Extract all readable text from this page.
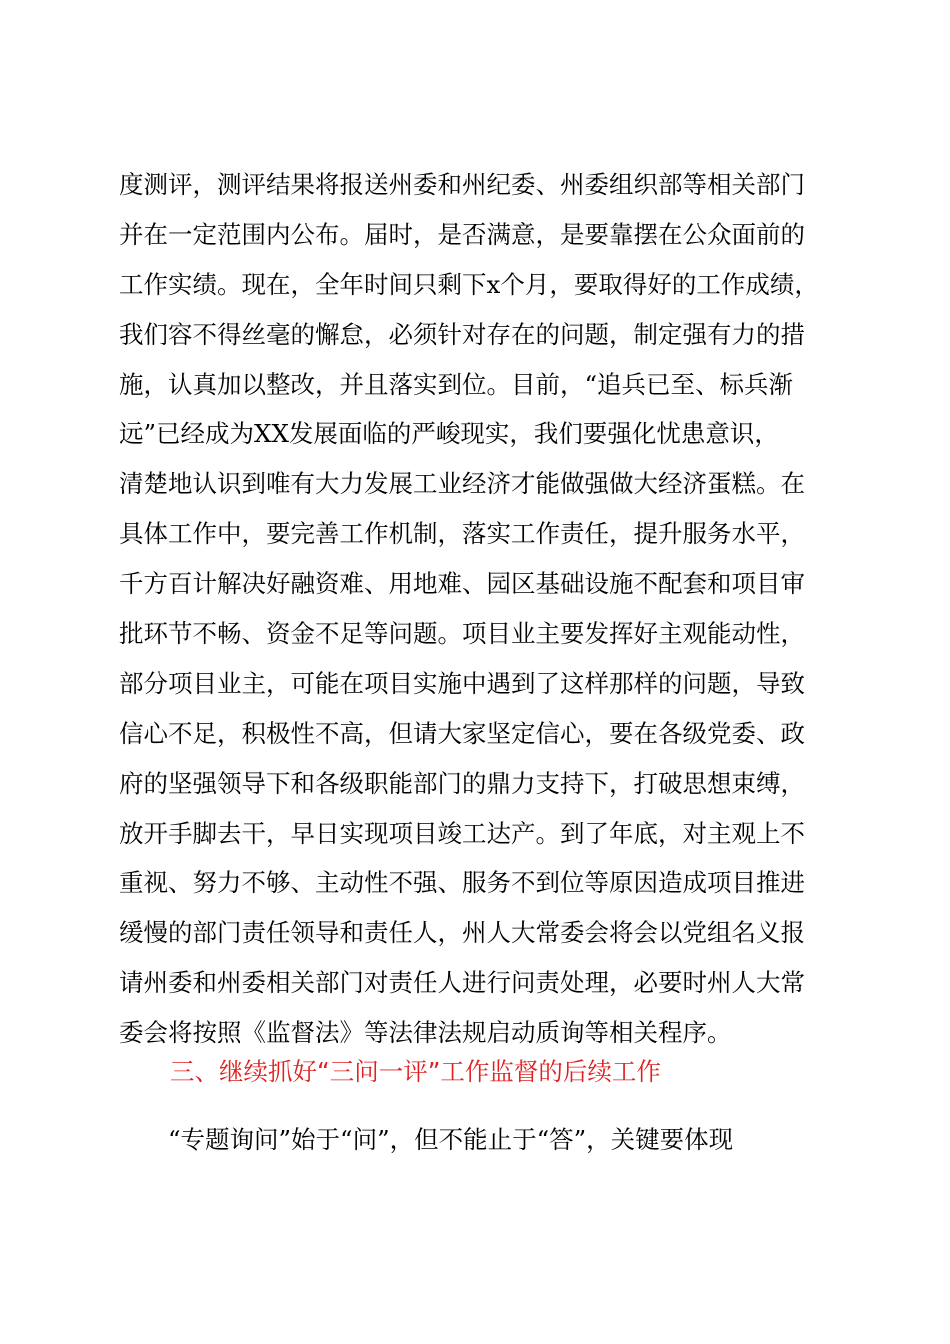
度测评，测评结果将报送州委和州纪委、州委组织部等相关部门
并在一定范围内公布。届时，是否满意，是要靠摆在公众面前的
工作实绩。现在，全年时间只剩下x个月，要取得好的工作成绩，
我们容不得丝毫的懈怠，必须针对存在的问题，制定强有力的措
施，认真加以整改，并且落实到位。目前，“追兵已至、标兵渐
远”已经成为XX发展面临的严峻现实，我们要强化忧患意识，
清楚地认识到唯有大力发展工业经济才能做强做大经济蛋糕。在
具体工作中，要完善工作机制，落实工作责任，提升服务水平，
千方百计解决好融资难、用地难、园区基础设施不配套和项目审
批环节不畅、资金不足等问题。项目业主要发挥好主观能动性，
部分项目业主，可能在项目实施中遇到了这样那样的问题，导致
信心不足，积极性不高，但请大家坚定信心，要在各级党委、政
府的坚强领导下和各级职能部门的鼎力支持下，打破思想束缚，
放开手脚去干，早日实现项目竣工达产。到了年底，对主观上不
重视、努力不够、主动性不强、服务不到位等原因造成项目推进
缓慢的部门责任领导和责任人，州人大常委会将会以党组名义报
请州委和州委相关部门对责任人进行问责处理，必要时州人大常
委会将按照《监督法》等法律法规启动质询等相关程序。
三、继续抓好“三问一评”工作监督的后续工作
“专题询问”始于“问”，但不能止于“答”，关键要体现
